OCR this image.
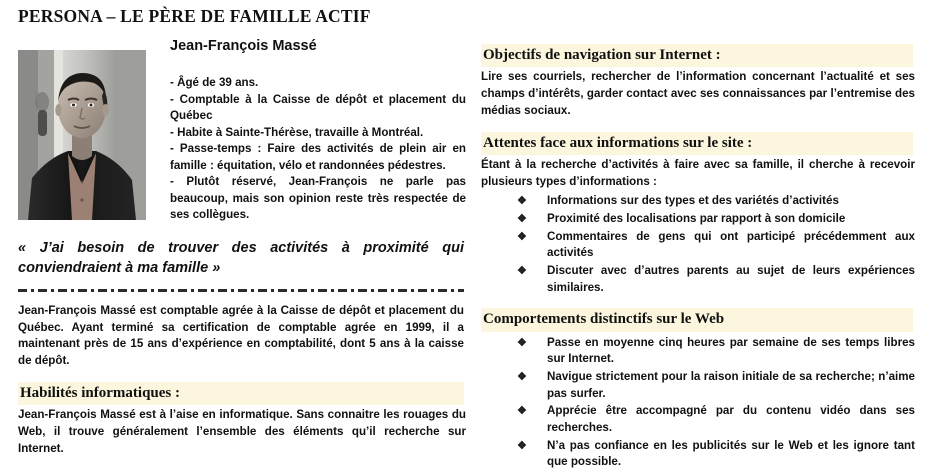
PERSONA – LE PÈRE DE FAMILLE ACTIF
Jean-François Massé
- Âgé de 39 ans.
- Comptable à la Caisse de dépôt et placement du Québec
- Habite à Sainte-Thérèse, travaille à Montréal.
- Passe-temps : Faire des activités de plein air en famille : équitation, vélo et randonnées pédestres.
- Plutôt réservé, Jean-François ne parle pas beaucoup, mais son opinion reste très respectée de ses collègues.
« J’ai besoin de trouver des activités à proximité qui conviendraient à ma famille »
Jean-François Massé est comptable agrée à la Caisse de dépôt et placement du Québec. Ayant terminé sa certification de comptable agrée en 1999, il a maintenant près de 15 ans d’expérience en comptabilité, dont 5 ans à la caisse de dépôt.
Habilités informatiques :
Jean-François Massé est à l’aise en informatique. Sans connaitre les rouages du Web, il trouve généralement l’ensemble des éléments qu’il recherche sur Internet.
Objectifs de navigation sur Internet :
Lire ses courriels, rechercher de l’information concernant l’actualité et ses champs d’intérêts, garder contact avec ses connaissances par l’entremise des médias sociaux.
Attentes face aux informations sur le site :
Étant à la recherche d’activités à faire avec sa famille, il cherche à recevoir plusieurs types d’informations :
❖ Informations sur des types et des variétés d’activités
❖ Proximité des localisations par rapport à son domicile
❖ Commentaires de gens qui ont participé précédemment aux activités
❖ Discuter avec d’autres parents au sujet de leurs expériences similaires.
Comportements distinctifs sur le Web
❖ Passe en moyenne cinq heures par semaine de ses temps libres sur Internet.
❖ Navigue strictement pour la raison initiale de sa recherche; n’aime pas surfer.
❖ Apprécie être accompagné par du contenu vidéo dans ses recherches.
❖ N’a pas confiance en les publicités sur le Web et les ignore tant que possible.
